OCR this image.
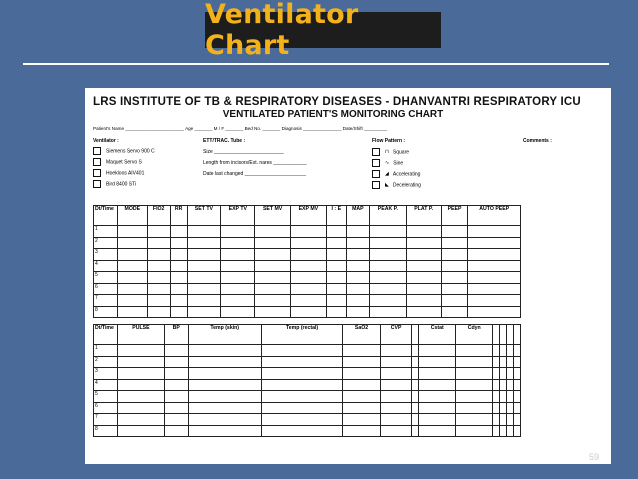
Ventilator Chart
LRS INSTITUTE OF TB & RESPIRATORY DISEASES - DHANVANTRI RESPIRATORY ICU
VENTILATED PATIENT'S MONITORING CHART
Patient's Name _______________________ Age _______ M / F _______ Bed No. _______ Diagnosis _______________ Date/Shift _________
Ventilator :
Siemens Servo 900 C
Maquet Servo S
Hoekloos AIV401
Bird 8400 STi
ETT/TRAC. Tube :
Size _________________________
Length from incisors/Ext. nares ____________
Date last changed ______________________
Flow Pattern :
⊓ Square
∿ Sine
◢ Accelerating
◣ Decelerating
Comments :
Dt/Time	MODE	FIO2	RR	SET TV	EXP TV	SET MV	EXP MV	I : E	MAP	PEAK P.	PLAT P.	PEEP	AUTO PEEP
1													
2													
3													
4													
5													
6													
7													
8													
Dt/Time	PULSE	BP	Temp (skin)	Temp (rectal)	SaO2	CVP		Cstat	Cdyn				
1													
2													
3													
4													
5													
6													
7													
8													
59
